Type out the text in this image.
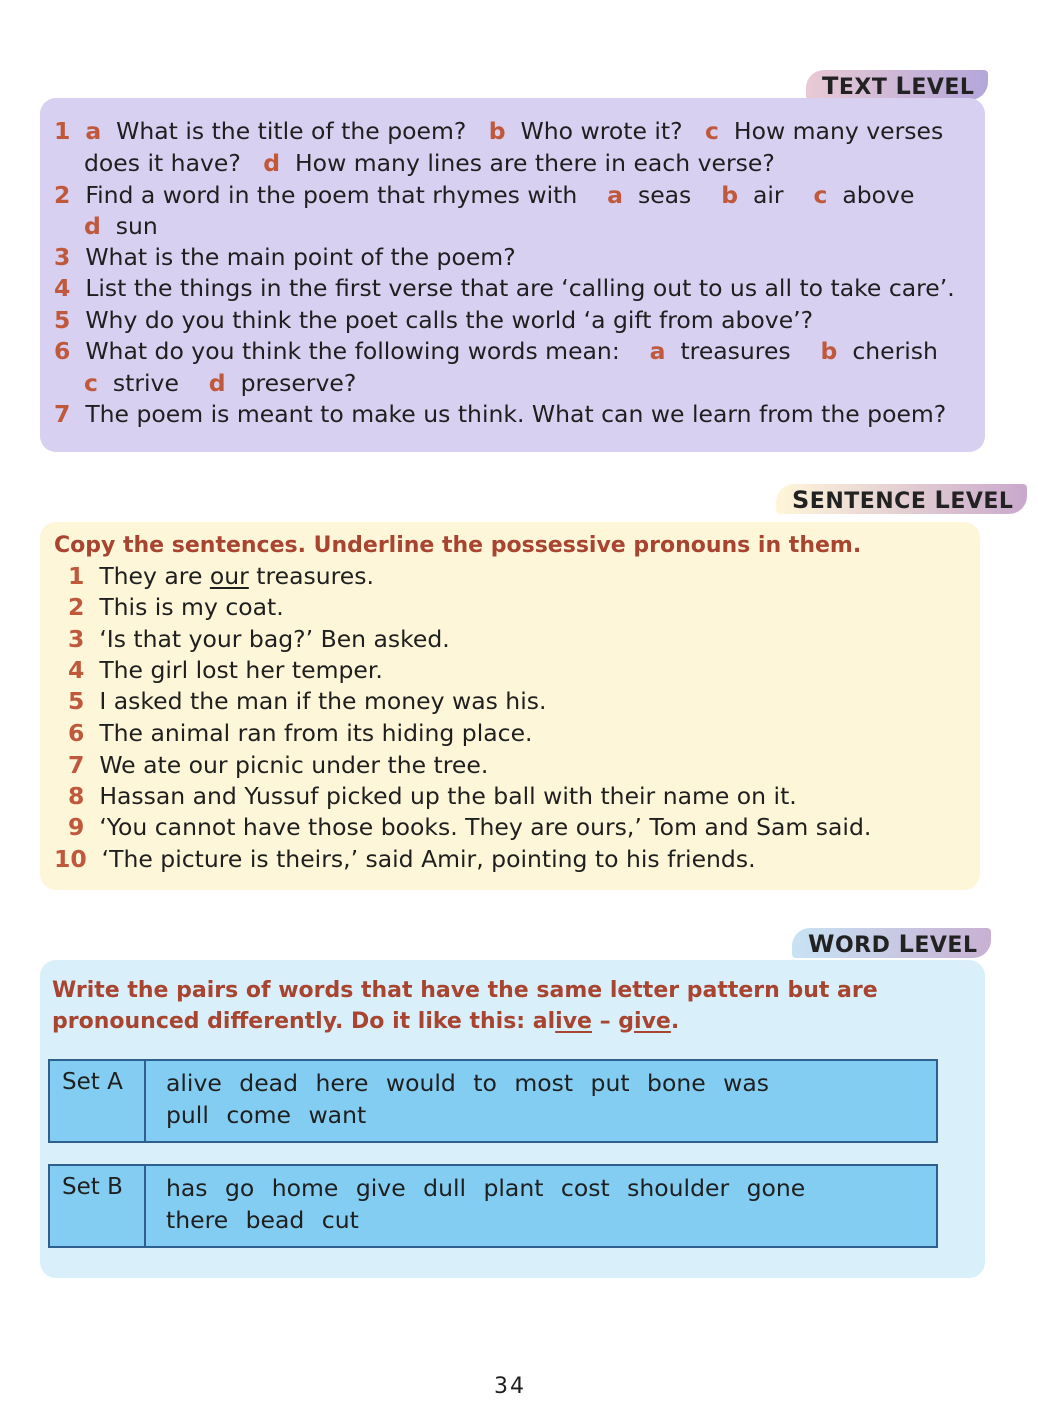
TEXT LEVEL
1 a What is the title of the poem? b Who wrote it? c How many verses
does it have? d How many lines are there in each verse?
2 Find a word in the poem that rhymes with a seas b air c above
d sun
3 What is the main point of the poem?
4 List the things in the first verse that are ‘calling out to us all to take care’.
5 Why do you think the poet calls the world ‘a gift from above’?
6 What do you think the following words mean: a treasures b cherish
c strive d preserve?
7 The poem is meant to make us think. What can we learn from the poem?
SENTENCE LEVEL
Copy the sentences. Underline the possessive pronouns in them.
1 They are our treasures.
2 This is my coat.
3 ‘Is that your bag?’ Ben asked.
4 The girl lost her temper.
5 I asked the man if the money was his.
6 The animal ran from its hiding place.
7 We ate our picnic under the tree.
8 Hassan and Yussuf picked up the ball with their name on it.
9 ‘You cannot have those books. They are ours,’ Tom and Sam said.
10 ‘The picture is theirs,’ said Amir, pointing to his friends.
WORD LEVEL
Write the pairs of words that have the same letter pattern but are
pronounced differently. Do it like this: alive – give.
Set A	alive dead here would to most put bone was
pull come want
Set B	has go home give dull plant cost shoulder gone
there bead cut
34
